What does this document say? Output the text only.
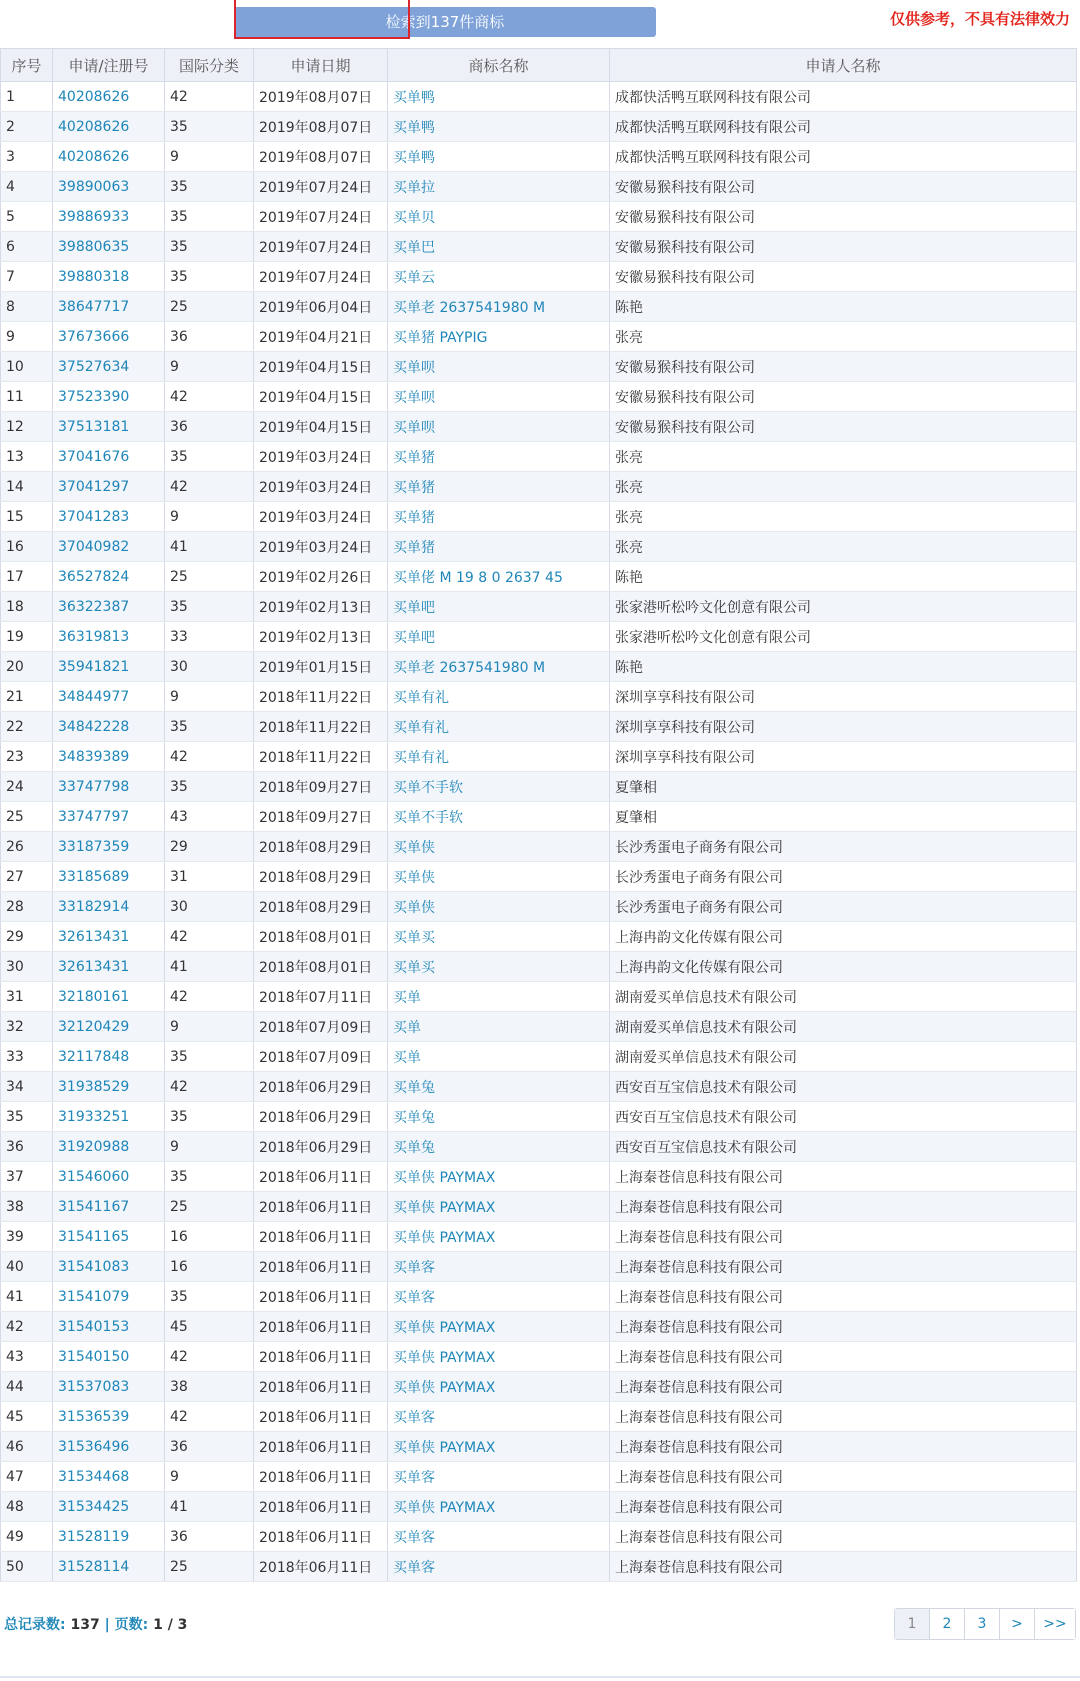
检索到137件商标	仅供参考，不具有法律效力
序号	申请/注册号	国际分类	申请日期	商标名称	申请人名称
1	40208626	42	2019年08月07日	买单鸭	成都快活鸭互联网科技有限公司
2	40208626	35	2019年08月07日	买单鸭	成都快活鸭互联网科技有限公司
3	40208626	9	2019年08月07日	买单鸭	成都快活鸭互联网科技有限公司
4	39890063	35	2019年07月24日	买单拉	安徽易猴科技有限公司
5	39886933	35	2019年07月24日	买单贝	安徽易猴科技有限公司
6	39880635	35	2019年07月24日	买单巴	安徽易猴科技有限公司
7	39880318	35	2019年07月24日	买单云	安徽易猴科技有限公司
8	38647717	25	2019年06月04日	买单老 2637541980 M	陈艳
9	37673666	36	2019年04月21日	买单猪 PAYPIG	张亮
10	37527634	9	2019年04月15日	买单呗	安徽易猴科技有限公司
11	37523390	42	2019年04月15日	买单呗	安徽易猴科技有限公司
12	37513181	36	2019年04月15日	买单呗	安徽易猴科技有限公司
13	37041676	35	2019年03月24日	买单猪	张亮
14	37041297	42	2019年03月24日	买单猪	张亮
15	37041283	9	2019年03月24日	买单猪	张亮
16	37040982	41	2019年03月24日	买单猪	张亮
17	36527824	25	2019年02月26日	买单佬 M 19 8 0 2637 45	陈艳
18	36322387	35	2019年02月13日	买单吧	张家港听松吟文化创意有限公司
19	36319813	33	2019年02月13日	买单吧	张家港听松吟文化创意有限公司
20	35941821	30	2019年01月15日	买单老 2637541980 M	陈艳
21	34844977	9	2018年11月22日	买单有礼	深圳享享科技有限公司
22	34842228	35	2018年11月22日	买单有礼	深圳享享科技有限公司
23	34839389	42	2018年11月22日	买单有礼	深圳享享科技有限公司
24	33747798	35	2018年09月27日	买单不手软	夏肇相
25	33747797	43	2018年09月27日	买单不手软	夏肇相
26	33187359	29	2018年08月29日	买单侠	长沙秀蛋电子商务有限公司
27	33185689	31	2018年08月29日	买单侠	长沙秀蛋电子商务有限公司
28	33182914	30	2018年08月29日	买单侠	长沙秀蛋电子商务有限公司
29	32613431	42	2018年08月01日	买单买	上海冉韵文化传媒有限公司
30	32613431	41	2018年08月01日	买单买	上海冉韵文化传媒有限公司
31	32180161	42	2018年07月11日	买单	湖南爱买单信息技术有限公司
32	32120429	9	2018年07月09日	买单	湖南爱买单信息技术有限公司
33	32117848	35	2018年07月09日	买单	湖南爱买单信息技术有限公司
34	31938529	42	2018年06月29日	买单兔	西安百互宝信息技术有限公司
35	31933251	35	2018年06月29日	买单兔	西安百互宝信息技术有限公司
36	31920988	9	2018年06月29日	买单兔	西安百互宝信息技术有限公司
37	31546060	35	2018年06月11日	买单侠 PAYMAX	上海秦苍信息科技有限公司
38	31541167	25	2018年06月11日	买单侠 PAYMAX	上海秦苍信息科技有限公司
39	31541165	16	2018年06月11日	买单侠 PAYMAX	上海秦苍信息科技有限公司
40	31541083	16	2018年06月11日	买单客	上海秦苍信息科技有限公司
41	31541079	35	2018年06月11日	买单客	上海秦苍信息科技有限公司
42	31540153	45	2018年06月11日	买单侠 PAYMAX	上海秦苍信息科技有限公司
43	31540150	42	2018年06月11日	买单侠 PAYMAX	上海秦苍信息科技有限公司
44	31537083	38	2018年06月11日	买单侠 PAYMAX	上海秦苍信息科技有限公司
45	31536539	42	2018年06月11日	买单客	上海秦苍信息科技有限公司
46	31536496	36	2018年06月11日	买单侠 PAYMAX	上海秦苍信息科技有限公司
47	31534468	9	2018年06月11日	买单客	上海秦苍信息科技有限公司
48	31534425	41	2018年06月11日	买单侠 PAYMAX	上海秦苍信息科技有限公司
49	31528119	36	2018年06月11日	买单客	上海秦苍信息科技有限公司
50	31528114	25	2018年06月11日	买单客	上海秦苍信息科技有限公司
总记录数: 137 | 页数: 1 / 3	1	2	3	>	>>
